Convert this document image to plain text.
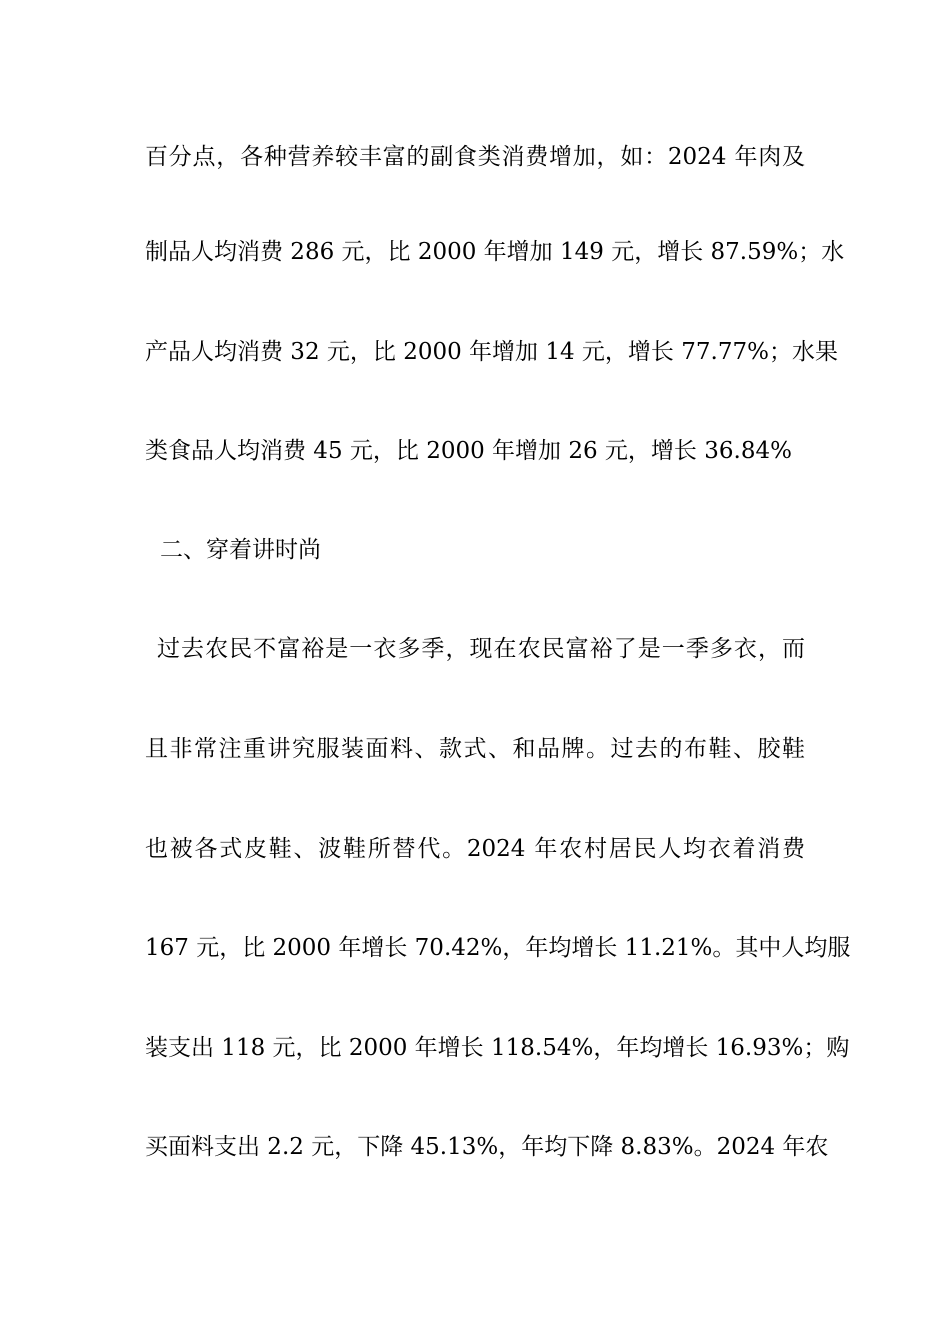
百分点，各种营养较丰富的副食类消费增加，如：2024 年肉及
制品人均消费 286 元，比 2000 年增加 149 元，增长 87.59%；水
产品人均消费 32 元，比 2000 年增加 14 元，增长 77.77%；水果
类食品人均消费 45 元，比 2000 年增加 26 元，增长 36.84%
二、穿着讲时尚
过去农民不富裕是一衣多季，现在农民富裕了是一季多衣，而
且非常注重讲究服装面料、款式、和品牌。过去的布鞋、胶鞋
也被各式皮鞋、波鞋所替代。2024 年农村居民人均衣着消费
167 元，比 2000 年增长 70.42%，年均增长 11.21%。其中人均服
装支出 118 元，比 2000 年增长 118.54%，年均增长 16.93%；购
买面料支出 2.2 元，下降 45.13%，年均下降 8.83%。2024 年农
